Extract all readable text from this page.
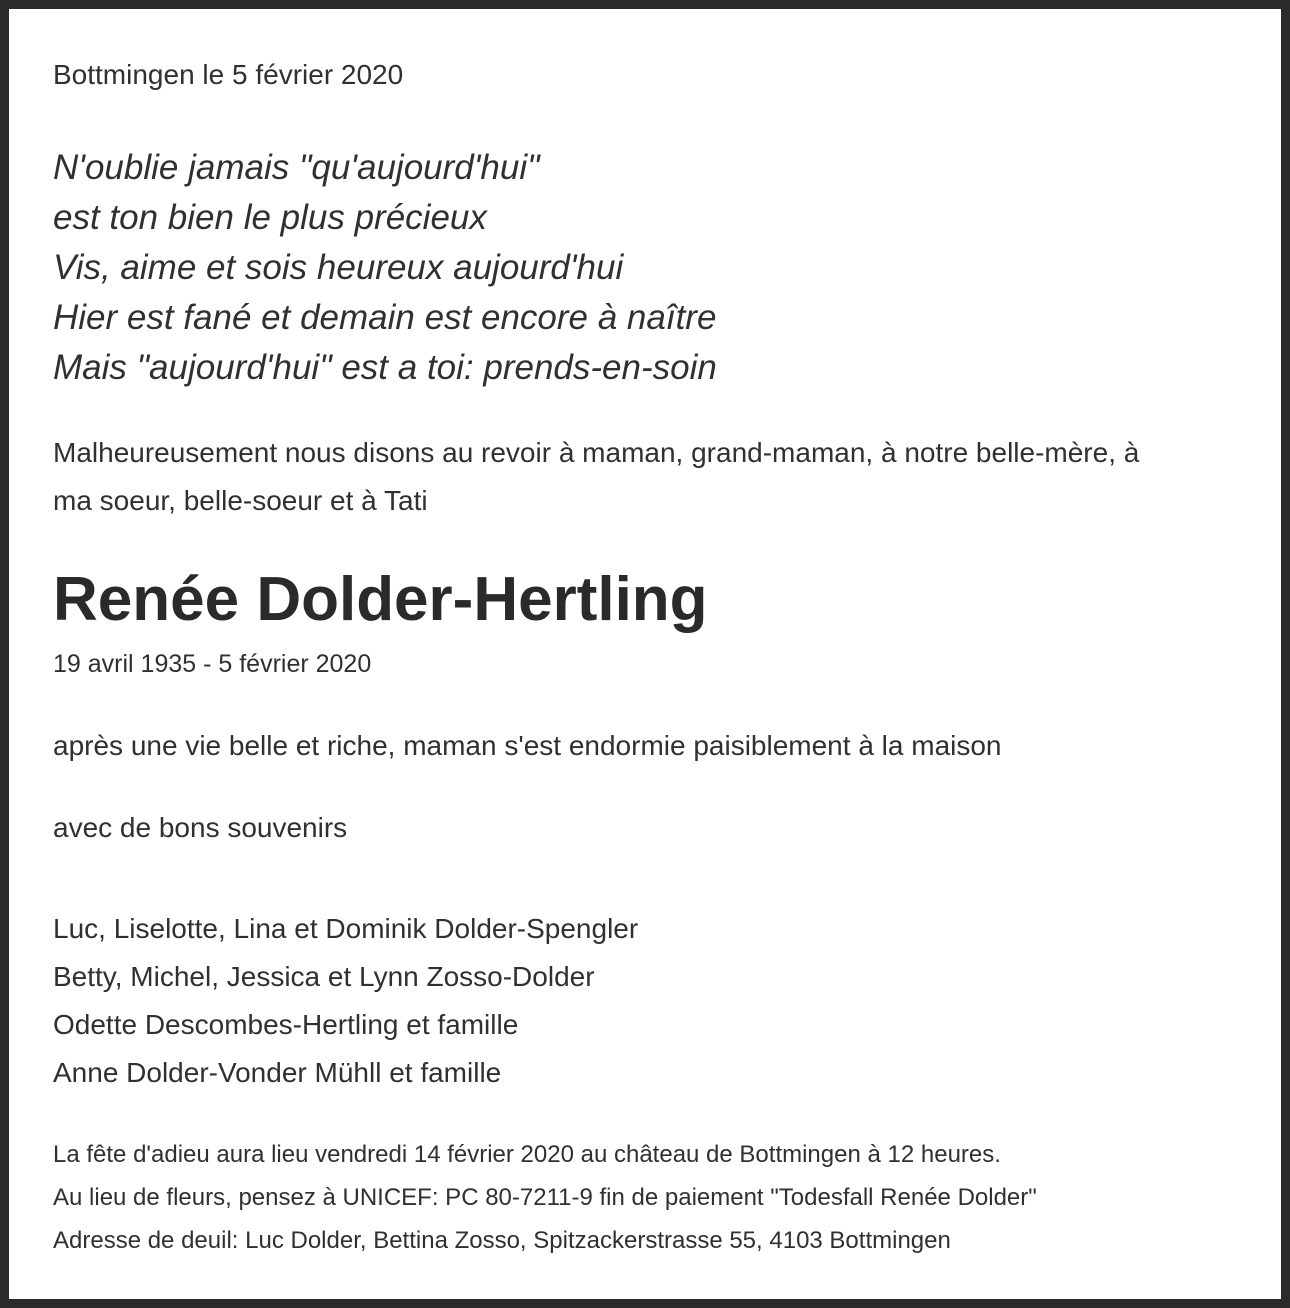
Bottmingen le 5 février 2020
N'oublie jamais "qu'aujourd'hui"
est ton bien le plus précieux
Vis, aime et sois heureux aujourd'hui
Hier est fané et demain est encore à naître
Mais "aujourd'hui" est a toi: prends-en-soin
Malheureusement nous disons au revoir à maman, grand-maman, à notre belle-mère, à ma soeur, belle-soeur et à Tati
Renée Dolder-Hertling
19 avril 1935 - 5 février 2020
après une vie belle et riche, maman s'est endormie paisiblement à la maison
avec de bons souvenirs
Luc, Liselotte, Lina et Dominik Dolder-Spengler
Betty, Michel, Jessica et Lynn Zosso-Dolder
Odette Descombes-Hertling et famille
Anne Dolder-Vonder Mühll et famille
La fête d'adieu aura lieu vendredi 14 février 2020 au château de Bottmingen à 12 heures.
Au lieu de fleurs, pensez à UNICEF: PC 80-7211-9 fin de paiement "Todesfall Renée Dolder"
Adresse de deuil: Luc Dolder, Bettina Zosso, Spitzackerstrasse 55, 4103 Bottmingen
